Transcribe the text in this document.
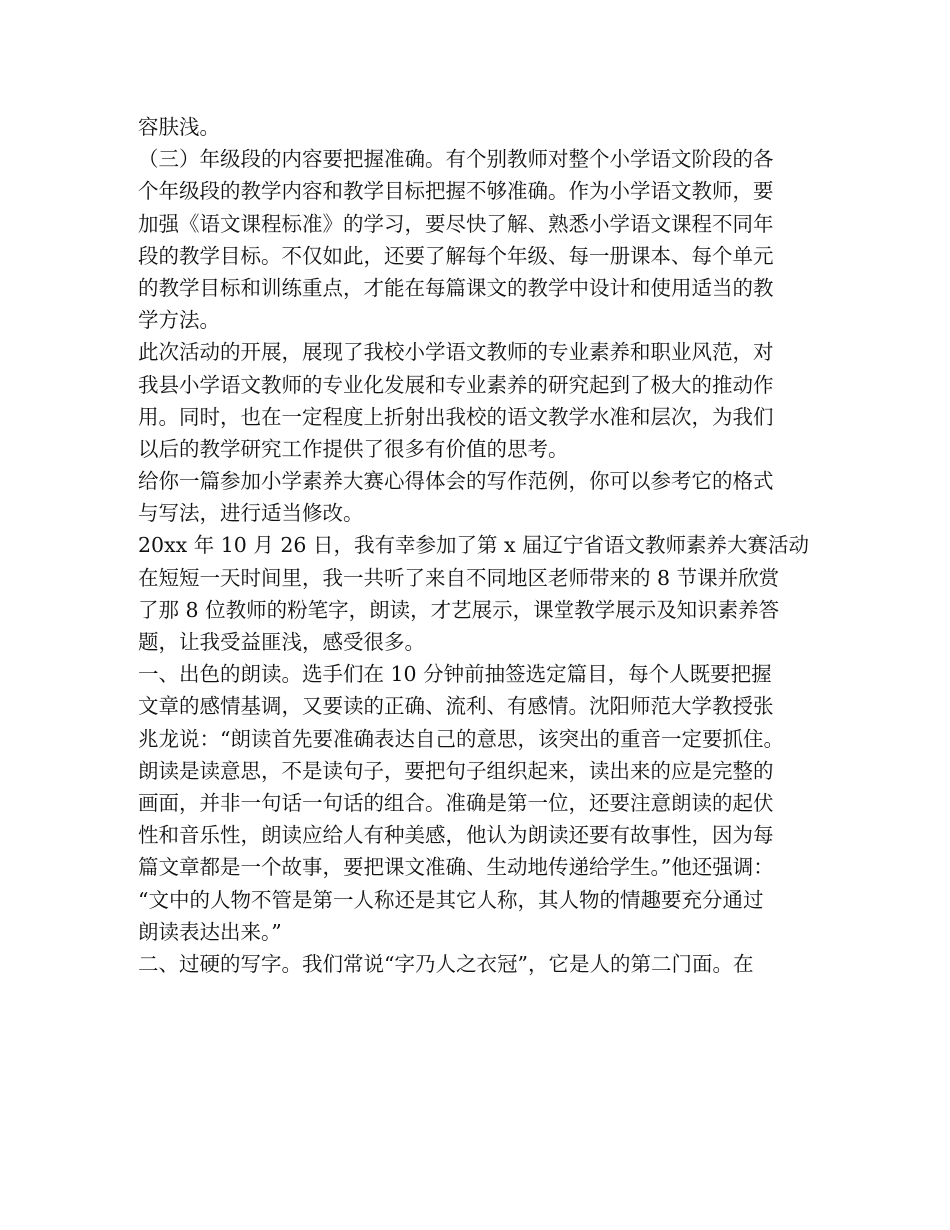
容肤浅。
（三）年级段的内容要把握准确。有个别教师对整个小学语文阶段的各
个年级段的教学内容和教学目标把握不够准确。作为小学语文教师，要
加强《语文课程标准》的学习，要尽快了解、熟悉小学语文课程不同年
段的教学目标。不仅如此，还要了解每个年级、每一册课本、每个单元
的教学目标和训练重点，才能在每篇课文的教学中设计和使用适当的教
学方法。
此次活动的开展，展现了我校小学语文教师的专业素养和职业风范，对
我县小学语文教师的专业化发展和专业素养的研究起到了极大的推动作
用。同时，也在一定程度上折射出我校的语文教学水准和层次，为我们
以后的教学研究工作提供了很多有价值的思考。
给你一篇参加小学素养大赛心得体会的写作范例，你可以参考它的格式
与写法，进行适当修改。
20xx 年 10 月 26 日，我有幸参加了第 x 届辽宁省语文教师素养大赛活动
在短短一天时间里，我一共听了来自不同地区老师带来的 8 节课并欣赏
了那 8 位教师的粉笔字，朗读，才艺展示，课堂教学展示及知识素养答
题，让我受益匪浅，感受很多。
一、出色的朗读。选手们在 10 分钟前抽签选定篇目，每个人既要把握
文章的感情基调，又要读的正确、流利、有感情。沈阳师范大学教授张
兆龙说：“朗读首先要准确表达自己的意思，该突出的重音一定要抓住。
朗读是读意思，不是读句子，要把句子组织起来，读出来的应是完整的
画面，并非一句话一句话的组合。准确是第一位，还要注意朗读的起伏
性和音乐性，朗读应给人有种美感，他认为朗读还要有故事性，因为每
篇文章都是一个故事，要把课文准确、生动地传递给学生。”他还强调：
“文中的人物不管是第一人称还是其它人称，其人物的情趣要充分通过
朗读表达出来。”
二、过硬的写字。我们常说“字乃人之衣冠”，它是人的第二门面。在
